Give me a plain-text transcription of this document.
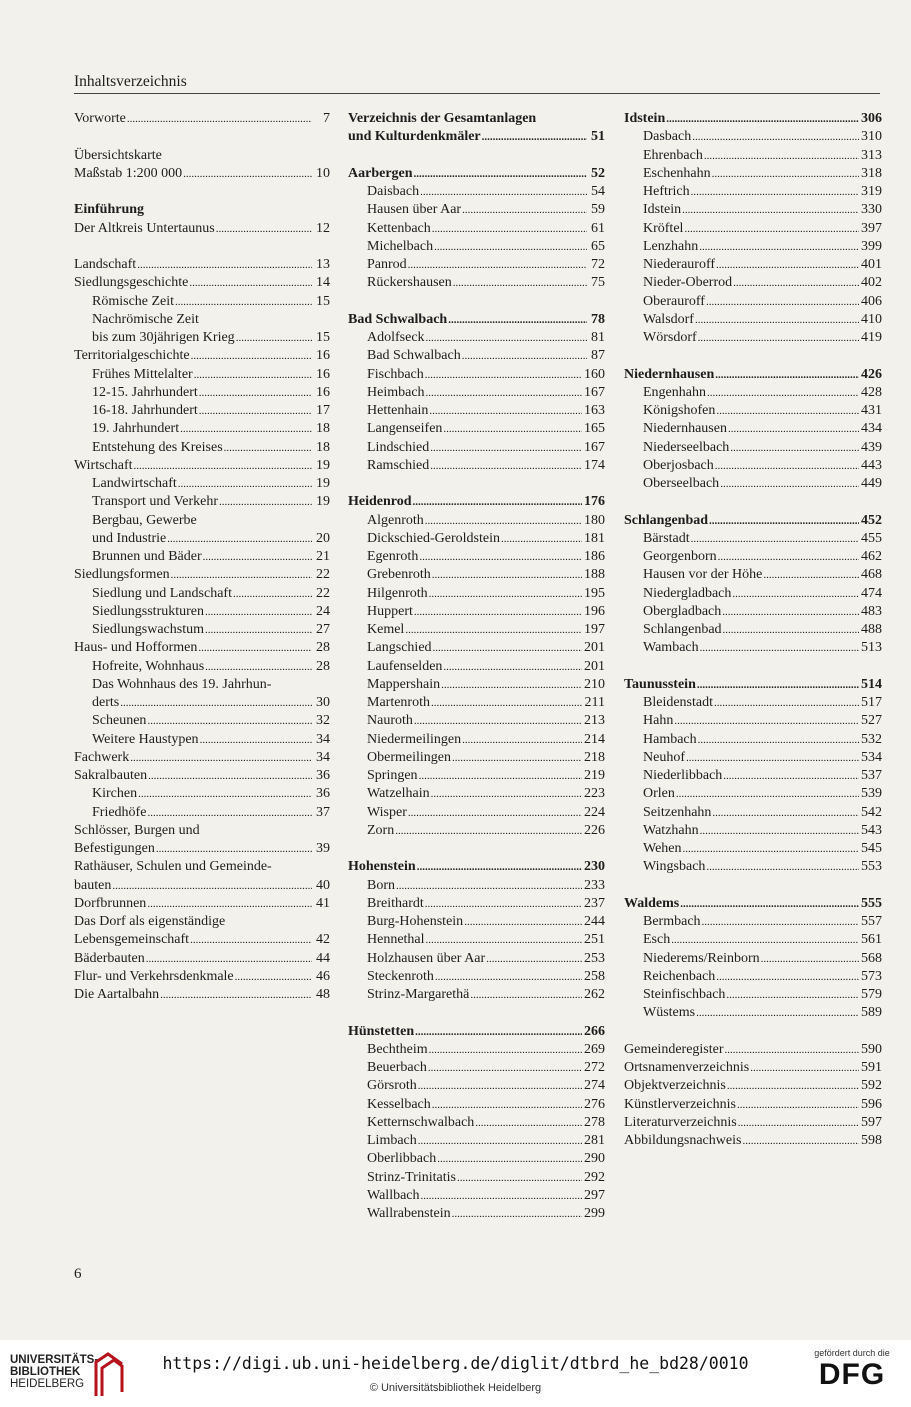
Inhaltsverzeichnis
Vorworte .....	7
Übersichtskarte
Maßstab 1:200 000 .....	10
Einführung
Der Altkreis Untertaunus .....	12
Landschaft .....	13
Siedlungsgeschichte .....	14
Römische Zeit .....	15
Nachrömische Zeit
bis zum 30jährigen Krieg .....	15
Territorialgeschichte .....	16
Frühes Mittelalter .....	16
12-15. Jahrhundert .....	16
16-18. Jahrhundert .....	17
19. Jahrhundert .....	18
Entstehung des Kreises .....	18
Wirtschaft .....	19
Landwirtschaft .....	19
Transport und Verkehr .....	19
Bergbau, Gewerbe
und Industrie .....	20
Brunnen und Bäder .....	21
Siedlungsformen .....	22
Siedlung und Landschaft .....	22
Siedlungsstrukturen .....	24
Siedlungswachstum .....	27
Haus- und Hofformen .....	28
Hofreite, Wohnhaus .....	28
Das Wohnhaus des 19. Jahrhun-
derts .....	30
Scheunen .....	32
Weitere Haustypen .....	34
Fachwerk .....	34
Sakralbauten .....	36
Kirchen .....	36
Friedhöfe .....	37
Schlösser, Burgen und
Befestigungen .....	39
Rathäuser, Schulen und Gemeinde-
bauten .....	40
Dorfbrunnen .....	41
Das Dorf als eigenständige
Lebensgemeinschaft .....	42
Bäderbauten .....	44
Flur- und Verkehrsdenkmale .....	46
Die Aartalbahn .....	48
Verzeichnis der Gesamtanlagen
und Kulturdenkmäler .....	51
Aarbergen .....	52
Daisbach .....	54
Hausen über Aar .....	59
Kettenbach .....	61
Michelbach .....	65
Panrod .....	72
Rückershausen .....	75
Bad Schwalbach .....	78
Adolfseck .....	81
Bad Schwalbach .....	87
Fischbach .....	160
Heimbach .....	167
Hettenhain .....	163
Langenseifen .....	165
Lindschied .....	167
Ramschied .....	174
Heidenrod .....	176
Algenroth .....	180
Dickschied-Geroldstein .....	181
Egenroth .....	186
Grebenroth .....	188
Hilgenroth .....	195
Huppert .....	196
Kemel .....	197
Langschied .....	201
Laufenselden .....	201
Mappershain .....	210
Martenroth .....	211
Nauroth .....	213
Niedermeilingen .....	214
Obermeilingen .....	218
Springen .....	219
Watzelhain .....	223
Wisper .....	224
Zorn .....	226
Hohenstein .....	230
Born .....	233
Breithardt .....	237
Burg-Hohenstein .....	244
Hennethal .....	251
Holzhausen über Aar .....	253
Steckenroth .....	258
Strinz-Margarethä .....	262
Hünstetten .....	266
Bechtheim .....	269
Beuerbach .....	272
Görsroth .....	274
Kesselbach .....	276
Ketternschwalbach .....	278
Limbach .....	281
Oberlibbach .....	290
Strinz-Trinitatis .....	292
Wallbach .....	297
Wallrabenstein .....	299
Idstein .....	306
Dasbach .....	310
Ehrenbach .....	313
Eschenhahn .....	318
Heftrich .....	319
Idstein .....	330
Kröftel .....	397
Lenzhahn .....	399
Niederauroff .....	401
Nieder-Oberrod .....	402
Oberauroff .....	406
Walsdorf .....	410
Wörsdorf .....	419
Niedernhausen .....	426
Engenhahn .....	428
Königshofen .....	431
Niedernhausen .....	434
Niederseelbach .....	439
Oberjosbach .....	443
Oberseelbach .....	449
Schlangenbad .....	452
Bärstadt .....	455
Georgenborn .....	462
Hausen vor der Höhe .....	468
Niedergladbach .....	474
Obergladbach .....	483
Schlangenbad .....	488
Wambach .....	513
Taunusstein .....	514
Bleidenstadt .....	517
Hahn .....	527
Hambach .....	532
Neuhof .....	534
Niederlibbach .....	537
Orlen .....	539
Seitzenhahn .....	542
Watzhahn .....	543
Wehen .....	545
Wingsbach .....	553
Waldems .....	555
Bermbach .....	557
Esch .....	561
Niederems/Reinborn .....	568
Reichenbach .....	573
Steinfischbach .....	579
Wüstems .....	589
Gemeinderegister .....	590
Ortsnamenverzeichnis .....	591
Objektverzeichnis .....	592
Künstlerverzeichnis .....	596
Literaturverzeichnis .....	597
Abbildungsnachweis .....	598
6
UNIVERSITÄTS-
BIBLIOTHEK
HEIDELBERG
https://digi.ub.uni-heidelberg.de/diglit/dtbrd_he_bd28/0010
© Universitätsbibliothek Heidelberg
gefördert durch die
DFG
